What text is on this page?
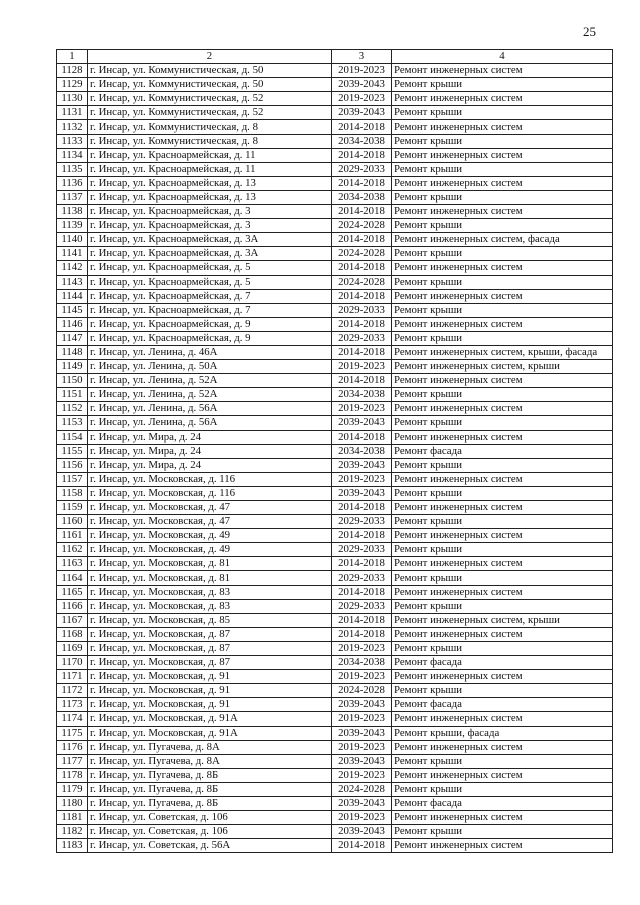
25
1	2	3	4
1128	г. Инсар, ул. Коммунистическая, д. 50	2019-2023	Ремонт инженерных систем
1129	г. Инсар, ул. Коммунистическая, д. 50	2039-2043	Ремонт крыши
1130	г. Инсар, ул. Коммунистическая, д. 52	2019-2023	Ремонт инженерных систем
1131	г. Инсар, ул. Коммунистическая, д. 52	2039-2043	Ремонт крыши
1132	г. Инсар, ул. Коммунистическая, д. 8	2014-2018	Ремонт инженерных систем
1133	г. Инсар, ул. Коммунистическая, д. 8	2034-2038	Ремонт крыши
1134	г. Инсар, ул. Красноармейская, д. 11	2014-2018	Ремонт инженерных систем
1135	г. Инсар, ул. Красноармейская, д. 11	2029-2033	Ремонт крыши
1136	г. Инсар, ул. Красноармейская, д. 13	2014-2018	Ремонт инженерных систем
1137	г. Инсар, ул. Красноармейская, д. 13	2034-2038	Ремонт крыши
1138	г. Инсар, ул. Красноармейская, д. 3	2014-2018	Ремонт инженерных систем
1139	г. Инсар, ул. Красноармейская, д. 3	2024-2028	Ремонт крыши
1140	г. Инсар, ул. Красноармейская, д. 3А	2014-2018	Ремонт инженерных систем, фасада
1141	г. Инсар, ул. Красноармейская, д. 3А	2024-2028	Ремонт крыши
1142	г. Инсар, ул. Красноармейская, д. 5	2014-2018	Ремонт инженерных систем
1143	г. Инсар, ул. Красноармейская, д. 5	2024-2028	Ремонт крыши
1144	г. Инсар, ул. Красноармейская, д. 7	2014-2018	Ремонт инженерных систем
1145	г. Инсар, ул. Красноармейская, д. 7	2029-2033	Ремонт крыши
1146	г. Инсар, ул. Красноармейская, д. 9	2014-2018	Ремонт инженерных систем
1147	г. Инсар, ул. Красноармейская, д. 9	2029-2033	Ремонт крыши
1148	г. Инсар, ул. Ленина, д. 46А	2014-2018	Ремонт инженерных систем, крыши, фасада
1149	г. Инсар, ул. Ленина, д. 50А	2019-2023	Ремонт инженерных систем, крыши
1150	г. Инсар, ул. Ленина, д. 52А	2014-2018	Ремонт инженерных систем
1151	г. Инсар, ул. Ленина, д. 52А	2034-2038	Ремонт крыши
1152	г. Инсар, ул. Ленина, д. 56А	2019-2023	Ремонт инженерных систем
1153	г. Инсар, ул. Ленина, д. 56А	2039-2043	Ремонт крыши
1154	г. Инсар, ул. Мира, д. 24	2014-2018	Ремонт инженерных систем
1155	г. Инсар, ул. Мира, д. 24	2034-2038	Ремонт фасада
1156	г. Инсар, ул. Мира, д. 24	2039-2043	Ремонт крыши
1157	г. Инсар, ул. Московская, д. 116	2019-2023	Ремонт инженерных систем
1158	г. Инсар, ул. Московская, д. 116	2039-2043	Ремонт крыши
1159	г. Инсар, ул. Московская, д. 47	2014-2018	Ремонт инженерных систем
1160	г. Инсар, ул. Московская, д. 47	2029-2033	Ремонт крыши
1161	г. Инсар, ул. Московская, д. 49	2014-2018	Ремонт инженерных систем
1162	г. Инсар, ул. Московская, д. 49	2029-2033	Ремонт крыши
1163	г. Инсар, ул. Московская, д. 81	2014-2018	Ремонт инженерных систем
1164	г. Инсар, ул. Московская, д. 81	2029-2033	Ремонт крыши
1165	г. Инсар, ул. Московская, д. 83	2014-2018	Ремонт инженерных систем
1166	г. Инсар, ул. Московская, д. 83	2029-2033	Ремонт крыши
1167	г. Инсар, ул. Московская, д. 85	2014-2018	Ремонт инженерных систем, крыши
1168	г. Инсар, ул. Московская, д. 87	2014-2018	Ремонт инженерных систем
1169	г. Инсар, ул. Московская, д. 87	2019-2023	Ремонт крыши
1170	г. Инсар, ул. Московская, д. 87	2034-2038	Ремонт фасада
1171	г. Инсар, ул. Московская, д. 91	2019-2023	Ремонт инженерных систем
1172	г. Инсар, ул. Московская, д. 91	2024-2028	Ремонт крыши
1173	г. Инсар, ул. Московская, д. 91	2039-2043	Ремонт фасада
1174	г. Инсар, ул. Московская, д. 91А	2019-2023	Ремонт инженерных систем
1175	г. Инсар, ул. Московская, д. 91А	2039-2043	Ремонт крыши, фасада
1176	г. Инсар, ул. Пугачева, д. 8А	2019-2023	Ремонт инженерных систем
1177	г. Инсар, ул. Пугачева, д. 8А	2039-2043	Ремонт крыши
1178	г. Инсар, ул. Пугачева, д. 8Б	2019-2023	Ремонт инженерных систем
1179	г. Инсар, ул. Пугачева, д. 8Б	2024-2028	Ремонт крыши
1180	г. Инсар, ул. Пугачева, д. 8Б	2039-2043	Ремонт фасада
1181	г. Инсар, ул. Советская, д. 106	2019-2023	Ремонт инженерных систем
1182	г. Инсар, ул. Советская, д. 106	2039-2043	Ремонт крыши
1183	г. Инсар, ул. Советская, д. 56А	2014-2018	Ремонт инженерных систем
